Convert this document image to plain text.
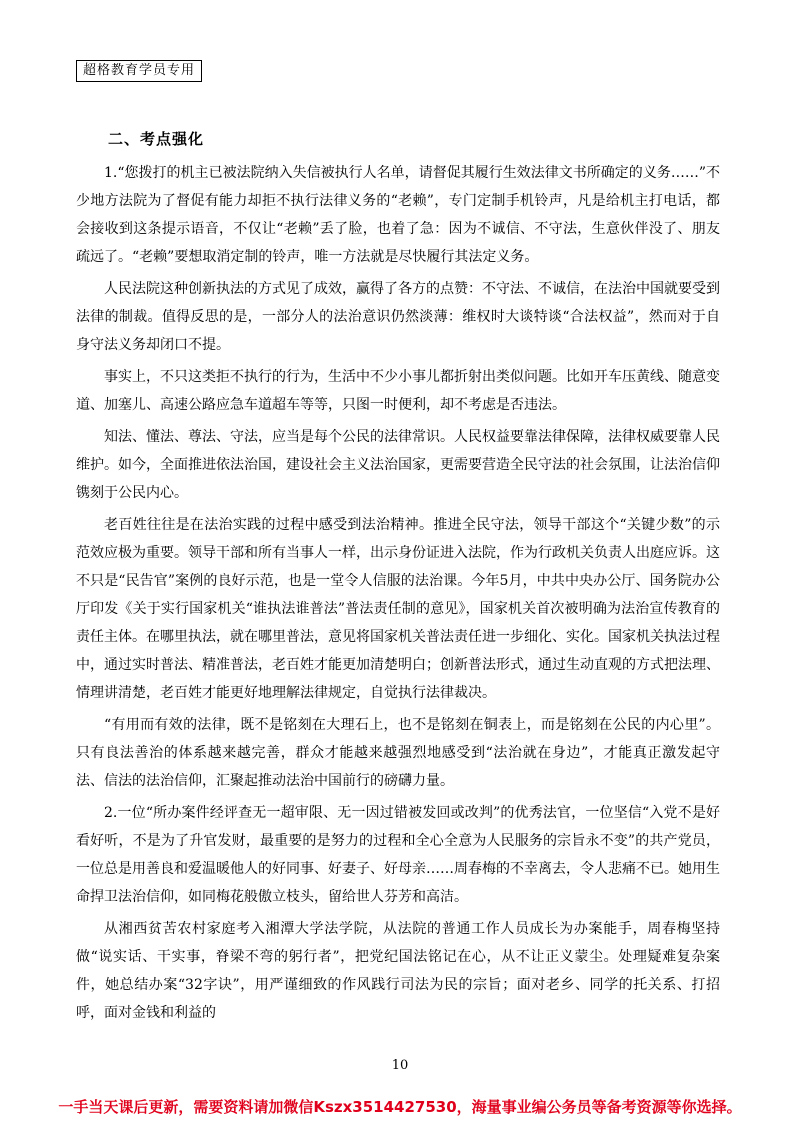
超格教育学员专用
二、考点强化

1.“您拨打的机主已被法院纳入失信被执行人名单，请督促其履行生效法律文书所确定的义务……”不少地方法院为了督促有能力却拒不执行法律义务的“老赖”，专门定制手机铃声，凡是给机主打电话，都会接收到这条提示语音，不仅让“老赖”丢了脸，也着了急：因为不诚信、不守法，生意伙伴没了、朋友疏远了。“老赖”要想取消定制的铃声，唯一方法就是尽快履行其法定义务。

人民法院这种创新执法的方式见了成效，赢得了各方的点赞：不守法、不诚信，在法治中国就要受到法律的制裁。值得反思的是，一部分人的法治意识仍然淡薄：维权时大谈特谈“合法权益”，然而对于自身守法义务却闭口不提。

事实上，不只这类拒不执行的行为，生活中不少小事儿都折射出类似问题。比如开车压黄线、随意变道、加塞儿、高速公路应急车道超车等等，只图一时便利，却不考虑是否违法。

知法、懂法、尊法、守法，应当是每个公民的法律常识。人民权益要靠法律保障，法律权威要靠人民维护。如今，全面推进依法治国，建设社会主义法治国家，更需要营造全民守法的社会氛围，让法治信仰镌刻于公民内心。

老百姓往往是在法治实践的过程中感受到法治精神。推进全民守法，领导干部这个“关键少数”的示范效应极为重要。领导干部和所有当事人一样，出示身份证进入法院，作为行政机关负责人出庭应诉。这不只是“民告官”案例的良好示范，也是一堂令人信服的法治课。今年5月，中共中央办公厅、国务院办公厅印发《关于实行国家机关“谁执法谁普法”普法责任制的意见》，国家机关首次被明确为法治宣传教育的责任主体。在哪里执法，就在哪里普法，意见将国家机关普法责任进一步细化、实化。国家机关执法过程中，通过实时普法、精准普法，老百姓才能更加清楚明白；创新普法形式，通过生动直观的方式把法理、情理讲清楚，老百姓才能更好地理解法律规定，自觉执行法律裁决。

“有用而有效的法律，既不是铭刻在大理石上，也不是铭刻在铜表上，而是铭刻在公民的内心里”。只有良法善治的体系越来越完善，群众才能越来越强烈地感受到“法治就在身边”，才能真正激发起守法、信法的法治信仰，汇聚起推动法治中国前行的磅礴力量。

2.一位“所办案件经评查无一超审限、无一因过错被发回或改判”的优秀法官，一位坚信“入党不是好看好听，不是为了升官发财，最重要的是努力的过程和全心全意为人民服务的宗旨永不变”的共产党员，一位总是用善良和爱温暖他人的好同事、好妻子、好母亲……周春梅的不幸离去，令人悲痛不已。她用生命捍卫法治信仰，如同梅花般傲立枝头，留给世人芬芳和高洁。

从湘西贫苦农村家庭考入湘潭大学法学院，从法院的普通工作人员成长为办案能手，周春梅坚持做“说实话、干实事，脊梁不弯的躬行者”，把党纪国法铭记在心，从不让正义蒙尘。处理疑难复杂案件，她总结办案“32字诀”，用严谨细致的作风践行司法为民的宗旨；面对老乡、同学的托关系、打招呼，面对金钱和利益的

10
一手当天课后更新，需要资料请加微信Kszx3514427530，海量事业编公务员等备考资源等你选择。
